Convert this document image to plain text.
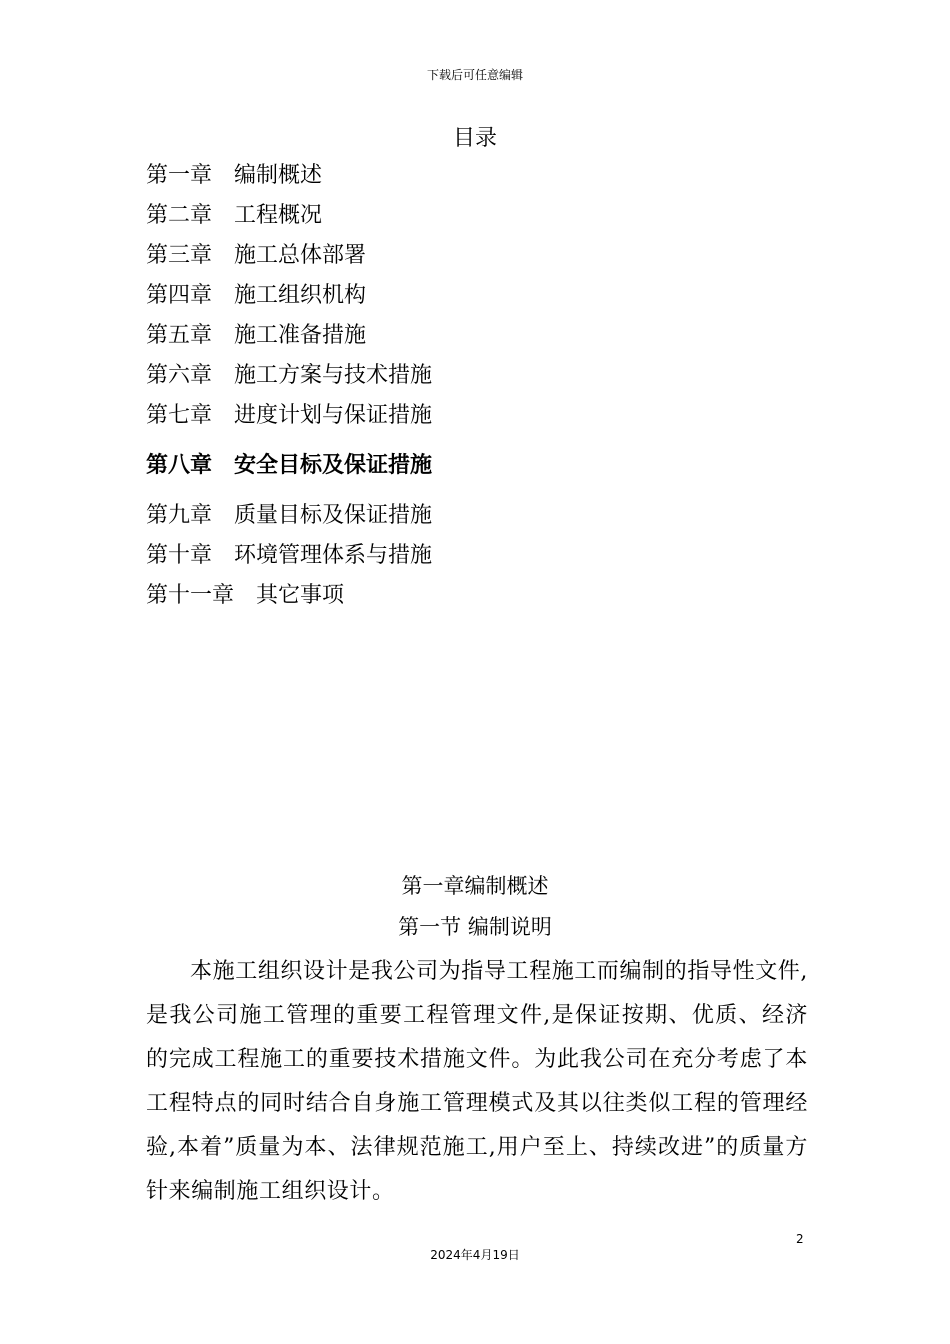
下载后可任意编辑
目录
第一章 编制概述
第二章 工程概况
第三章 施工总体部署
第四章 施工组织机构
第五章 施工准备措施
第六章 施工方案与技术措施
第七章 进度计划与保证措施
第八章 安全目标及保证措施
第九章 质量目标及保证措施
第十章 环境管理体系与措施
第十一章 其它事项
第一章编制概述
第一节 编制说明

本施工组织设计是我公司为指导工程施工而编制的指导性文件,是我公司施工管理的重要工程管理文件,是保证按期、优质、经济的完成工程施工的重要技术措施文件。为此我公司在充分考虑了本工程特点的同时结合自身施工管理模式及其以往类似工程的管理经验,本着”质量为本、法律规范施工,用户至上、持续改进”的质量方针来编制施工组织设计。

2
2024年4月19日
